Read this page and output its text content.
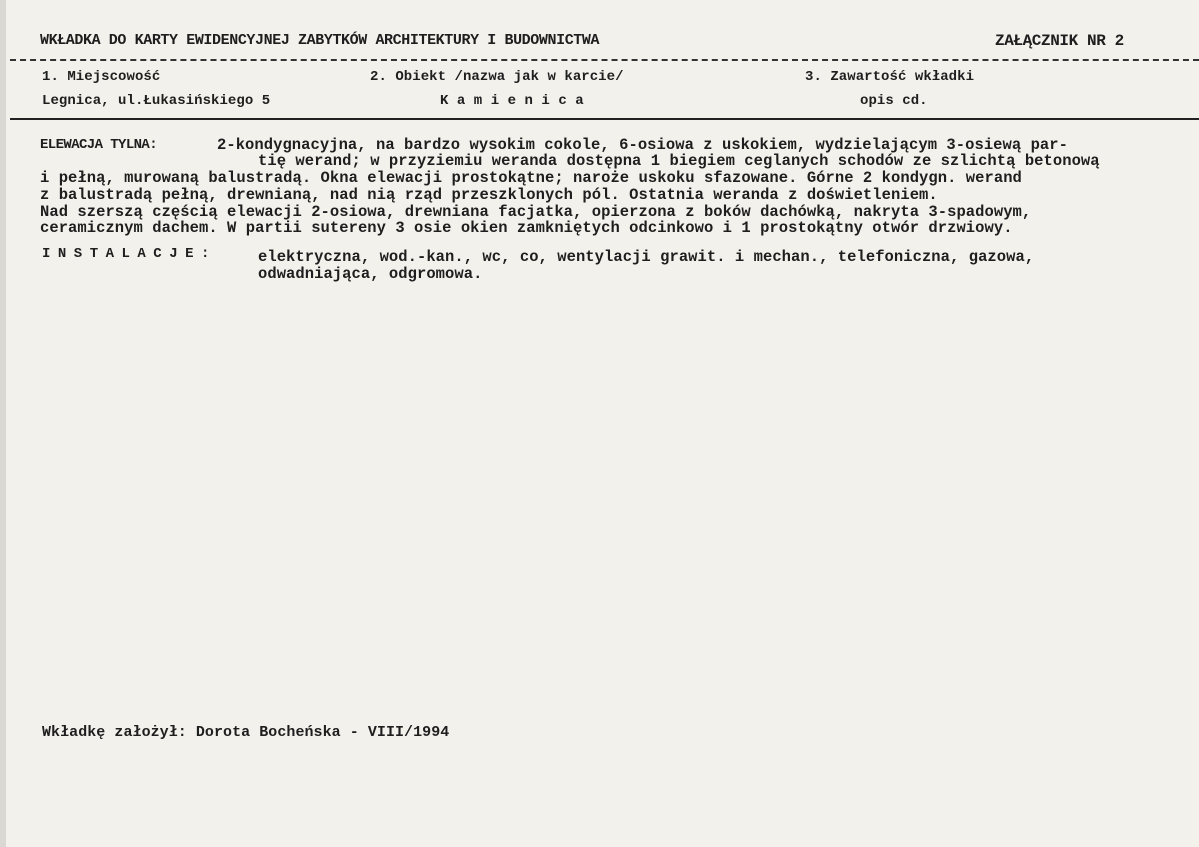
WKŁADKA DO KARTY EWIDENCYJNEJ ZABYTKÓW ARCHITEKTURY I BUDOWNICTWA	ZAŁĄCZNIK NR 2
1. Miejscowość	2. Obiekt /nazwa jak w karcie/	3. Zawartość wkładki
Legnica, ul.Łukasińskiego 5	K a m i e n i c a	opis cd.
ELEWACJA TYLNA:	2-kondygnacyjna, na bardzo wysokim cokole, 6-osiowa z uskokiem, wydzielającym 3-osiewą par-
tię werand; w przyziemiu weranda dostępna 1 biegiem ceglanych schodów ze szlichtą betonową
i pełną, murowaną balustradą. Okna elewacji prostokątne; naroże uskoku sfazowane. Górne 2 kondygn. werand
z balustradą pełną, drewnianą, nad nią rząd przeszklonych pól. Ostatnia weranda z doświetleniem.
Nad szerszą częścią elewacji 2-osiowa, drewniana facjatka, opierzona z boków dachówką, nakryta 3-spadowym,
ceramicznym dachem. W partii sutereny 3 osie okien zamkniętych odcinkowo i 1 prostokątny otwór drzwiowy.
INSTALACJE:	elektryczna, wod.-kan., wc, co, wentylacji grawit. i mechan., telefoniczna, gazowa,
odwadniająca, odgromowa.
Wkładkę założył: Dorota Bocheńska - VIII/1994
